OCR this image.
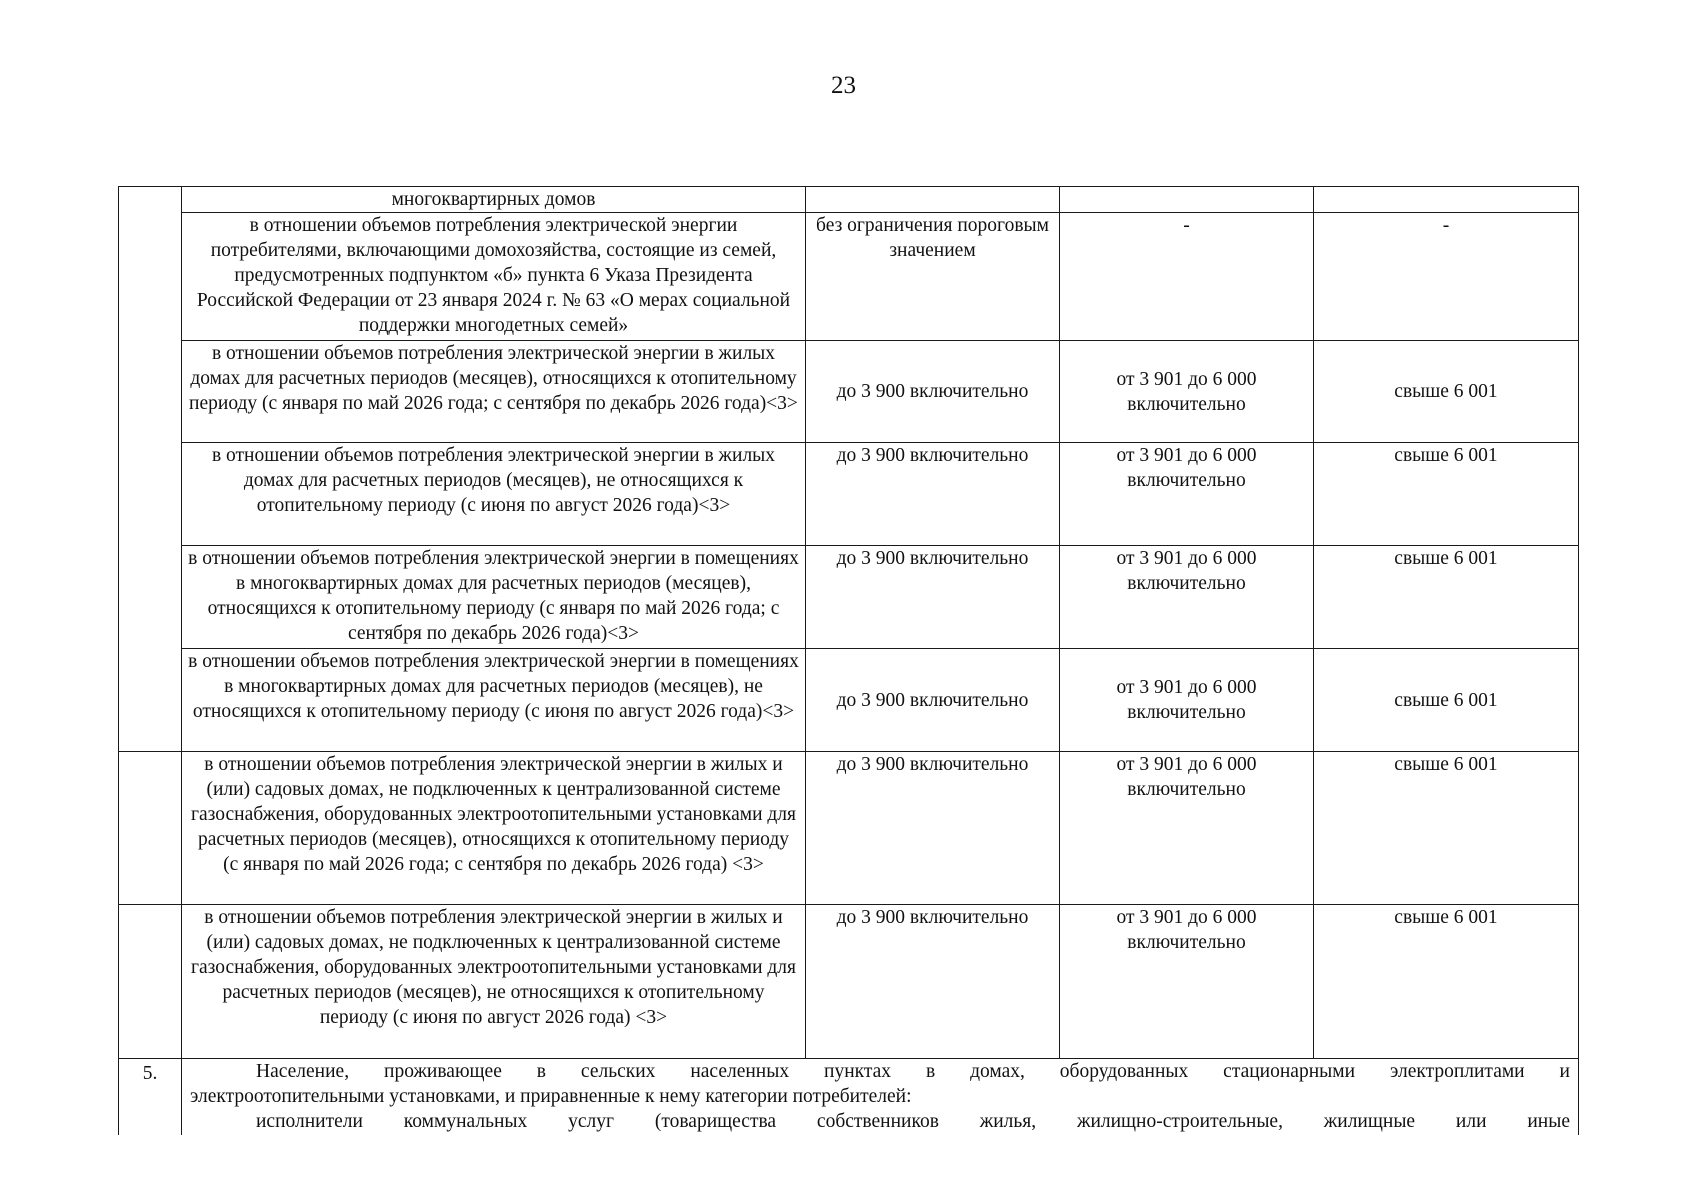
23
	многоквартирных домов			
	в отношении объемов потребления электрической энергии потребителями, включающими домохозяйства, состоящие из семей, предусмотренных подпунктом «б» пункта 6 Указа Президента Российской Федерации от 23 января 2024 г. № 63 «О мерах социальной поддержки многодетных семей»	без ограничения пороговым значением	-	-
	в отношении объемов потребления электрической энергии в жилых домах для расчетных периодов (месяцев), относящихся к отопительному периоду (с января по май 2026 года; с сентября по декабрь 2026 года)<3>	до 3 900 включительно	от 3 901 до 6 000 включительно	свыше 6 001
	в отношении объемов потребления электрической энергии в жилых домах для расчетных периодов (месяцев), не относящихся к отопительному периоду (с июня по август 2026 года)<3>	до 3 900 включительно	от 3 901 до 6 000 включительно	свыше 6 001
	в отношении объемов потребления электрической энергии в помещениях в многоквартирных домах для расчетных периодов (месяцев), относящихся к отопительному периоду (с января по май 2026 года; с сентября по декабрь 2026 года)<3>	до 3 900 включительно	от 3 901 до 6 000 включительно	свыше 6 001
	в отношении объемов потребления электрической энергии в помещениях в многоквартирных домах для расчетных периодов (месяцев), не относящихся к отопительному периоду (с июня по август 2026 года)<3>	до 3 900 включительно	от 3 901 до 6 000 включительно	свыше 6 001
	в отношении объемов потребления электрической энергии в жилых и (или) садовых домах, не подключенных к централизованной системе газоснабжения, оборудованных электроотопительными установками для расчетных периодов (месяцев), относящихся к отопительному периоду (с января по май 2026 года; с сентября по декабрь 2026 года) <3>	до 3 900 включительно	от 3 901 до 6 000 включительно	свыше 6 001
	в отношении объемов потребления электрической энергии в жилых и (или) садовых домах, не подключенных к централизованной системе газоснабжения, оборудованных электроотопительными установками для расчетных периодов (месяцев), не относящихся к отопительному периоду (с июня по август 2026 года) <3>	до 3 900 включительно	от 3 901 до 6 000 включительно	свыше 6 001
5.	Население, проживающее в сельских населенных пунктах в домах, оборудованных стационарными электроплитами и
электроотопительными установками, и приравненные к нему категории потребителей:
исполнители коммунальных услуг (товарищества собственников жилья, жилищно-строительные, жилищные или иные			
